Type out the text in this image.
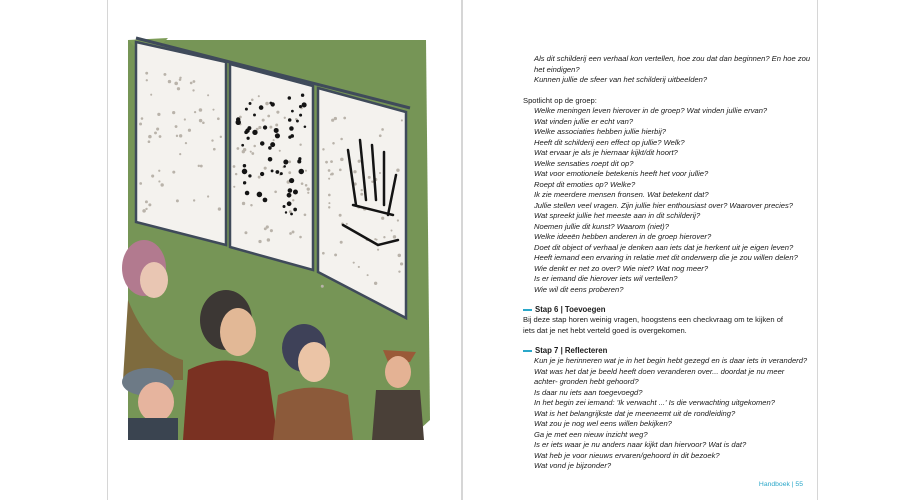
Als dit schilderij een verhaal kon vertellen, hoe zou dat dan beginnen? En hoe zou
het eindigen?
Kunnen jullie de sfeer van het schilderij uitbeelden?
Spotlicht op de groep:
Welke meningen leven hierover in de groep? Wat vinden jullie ervan?
Wat vinden jullie er echt van?
Welke associaties hebben jullie hierbij?
Heeft dit schilderij een effect op jullie? Welk?
Wat ervaar je als je hiernaar kijkt/dit hoort?
Welke sensaties roept dit op?
Wat voor emotionele betekenis heeft het voor jullie?
Roept dit emoties op? Welke?
Ik zie meerdere mensen fronsen. Wat betekent dat?
Jullie stellen veel vragen. Zijn jullie hier enthousiast over? Waarover precies?
Wat spreekt jullie het meeste aan in dit schilderij?
Noemen jullie dit kunst? Waarom (niet)?
Welke ideeën hebben anderen in de groep hierover?
Doet dit object of verhaal je denken aan iets dat je herkent uit je eigen leven?
Heeft iemand een ervaring in relatie met dit onderwerp die je zou willen delen?
Wie denkt er net zo over? Wie niet? Wat nog meer?
Is er iemand die hierover iets wil vertellen?
Wie wil dit eens proberen?
Stap 6 | Toevoegen
Bij deze stap horen weinig vragen, hoogstens een checkvraag om te kijken of
iets dat je net hebt verteld goed is overgekomen.
Stap 7 | Reflecteren
Kun je je herinneren wat je in het begin hebt gezegd en is daar iets in veranderd?
Wat was het dat je beeld heeft doen veranderen over... doordat je nu meer
achter- gronden hebt gehoord?
Is daar nu iets aan toegevoegd?
In het begin zei iemand: 'Ik verwacht ...' Is die verwachting uitgekomen?
Wat is het belangrijkste dat je meeneemt uit de rondleiding?
Wat zou je nog wel eens willen bekijken?
Ga je met een nieuw inzicht weg?
Is er iets waar je nu anders naar kijkt dan hiervoor? Wat is dat?
Wat heb je voor nieuws ervaren/gehoord in dit bezoek?
Wat vond je bijzonder?
Handboek | 55
